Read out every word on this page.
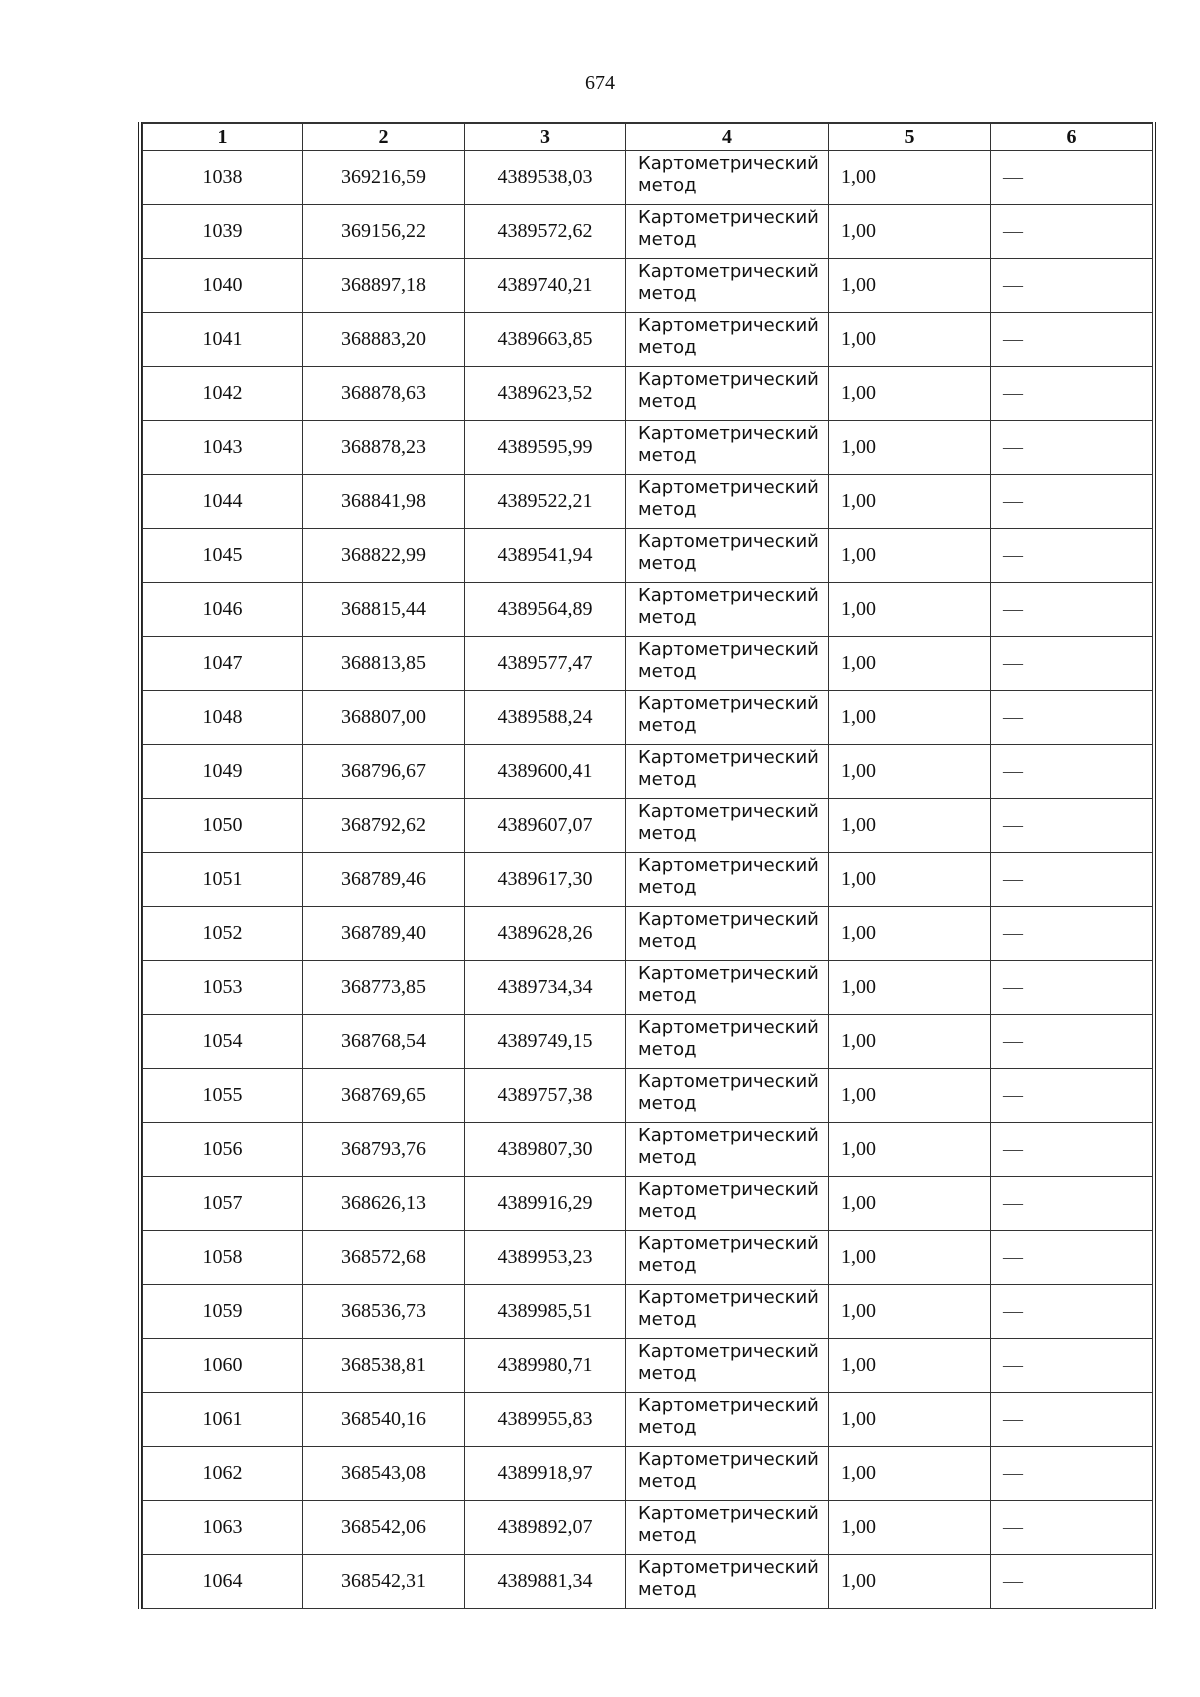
674
1	2	3	4	5	6
1038	369216,59	4389538,03	Картометрический
метод	1,00	—
1039	369156,22	4389572,62	Картометрический
метод	1,00	—
1040	368897,18	4389740,21	Картометрический
метод	1,00	—
1041	368883,20	4389663,85	Картометрический
метод	1,00	—
1042	368878,63	4389623,52	Картометрический
метод	1,00	—
1043	368878,23	4389595,99	Картометрический
метод	1,00	—
1044	368841,98	4389522,21	Картометрический
метод	1,00	—
1045	368822,99	4389541,94	Картометрический
метод	1,00	—
1046	368815,44	4389564,89	Картометрический
метод	1,00	—
1047	368813,85	4389577,47	Картометрический
метод	1,00	—
1048	368807,00	4389588,24	Картометрический
метод	1,00	—
1049	368796,67	4389600,41	Картометрический
метод	1,00	—
1050	368792,62	4389607,07	Картометрический
метод	1,00	—
1051	368789,46	4389617,30	Картометрический
метод	1,00	—
1052	368789,40	4389628,26	Картометрический
метод	1,00	—
1053	368773,85	4389734,34	Картометрический
метод	1,00	—
1054	368768,54	4389749,15	Картометрический
метод	1,00	—
1055	368769,65	4389757,38	Картометрический
метод	1,00	—
1056	368793,76	4389807,30	Картометрический
метод	1,00	—
1057	368626,13	4389916,29	Картометрический
метод	1,00	—
1058	368572,68	4389953,23	Картометрический
метод	1,00	—
1059	368536,73	4389985,51	Картометрический
метод	1,00	—
1060	368538,81	4389980,71	Картометрический
метод	1,00	—
1061	368540,16	4389955,83	Картометрический
метод	1,00	—
1062	368543,08	4389918,97	Картометрический
метод	1,00	—
1063	368542,06	4389892,07	Картометрический
метод	1,00	—
1064	368542,31	4389881,34	Картометрический
метод	1,00	—
